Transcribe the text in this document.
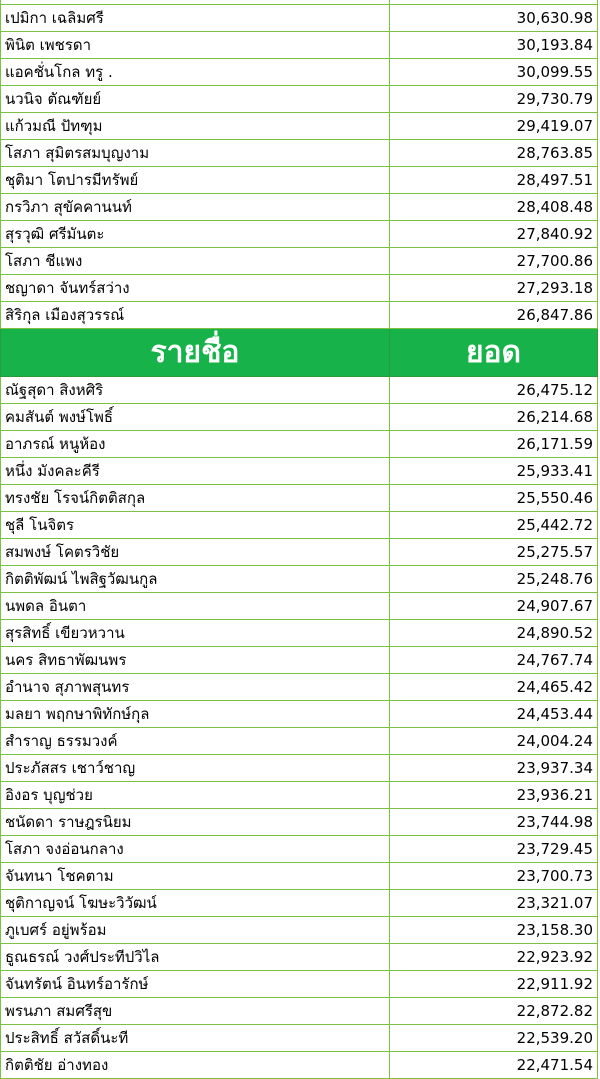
เปมิกา เฉลิมศรี	30,630.98
พินิต เพชรดา	30,193.84
แอคชั่นโกล ทรู .	30,099.55
นวนิจ ตัณฑัยย์	29,730.79
แก้วมณี ปัทฑุม	29,419.07
โสภา สุมิตรสมบุญงาม	28,763.85
ชุติมา โตปารมีทรัพย์	28,497.51
กรวิภา สุขัคคานนท์	28,408.48
สุรวุฒิ ศรีมันตะ	27,840.92
โสภา ชีแพง	27,700.86
ชญาดา จันทร์สว่าง	27,293.18
สิริกุล เมืองสุวรรณ์	26,847.86
รายชื่อ	ยอด
ณัฐสุดา สิงหศิริ	26,475.12
คมสันต์ พงษ์โพธิ์	26,214.68
อาภรณ์ หนูห้อง	26,171.59
หนึ่ง มังคละคีรี	25,933.41
ทรงชัย โรจน์กิตติสกุล	25,550.46
ชุลี โนจิตร	25,442.72
สมพงษ์ โคตรวิชัย	25,275.57
กิตติพัฒน์ ไพสิฐวัฒนกูล	25,248.76
นพดล อินตา	24,907.67
สุรสิทธิ์ เขียวหวาน	24,890.52
นคร สิทธาพัฒนพร	24,767.74
อำนาจ สุภาพสุนทร	24,465.42
มลยา พฤกษาพิทักษ์กุล	24,453.44
สำราญ ธรรมวงค์	24,004.24
ประภัสสร เชาว์ชาญ	23,937.34
อิงอร บุญช่วย	23,936.21
ชนัดดา ราษฎรนิยม	23,744.98
โสภา จงอ่อนกลาง	23,729.45
จันทนา โชคตาม	23,700.73
ชุติกาญจน์ โฆษะวิวัฒน์	23,321.07
ภูเบศร์ อยู่พร้อม	23,158.30
ธูณธรณ์ วงศ์ประทีปวิไล	22,923.92
จันทรัตน์ อินทร์อารักษ์	22,911.92
พรนภา สมศรีสุข	22,872.82
ประสิทธิ์ สวัสดิ์นะที	22,539.20
กิตติชัย อ่างทอง	22,471.54
